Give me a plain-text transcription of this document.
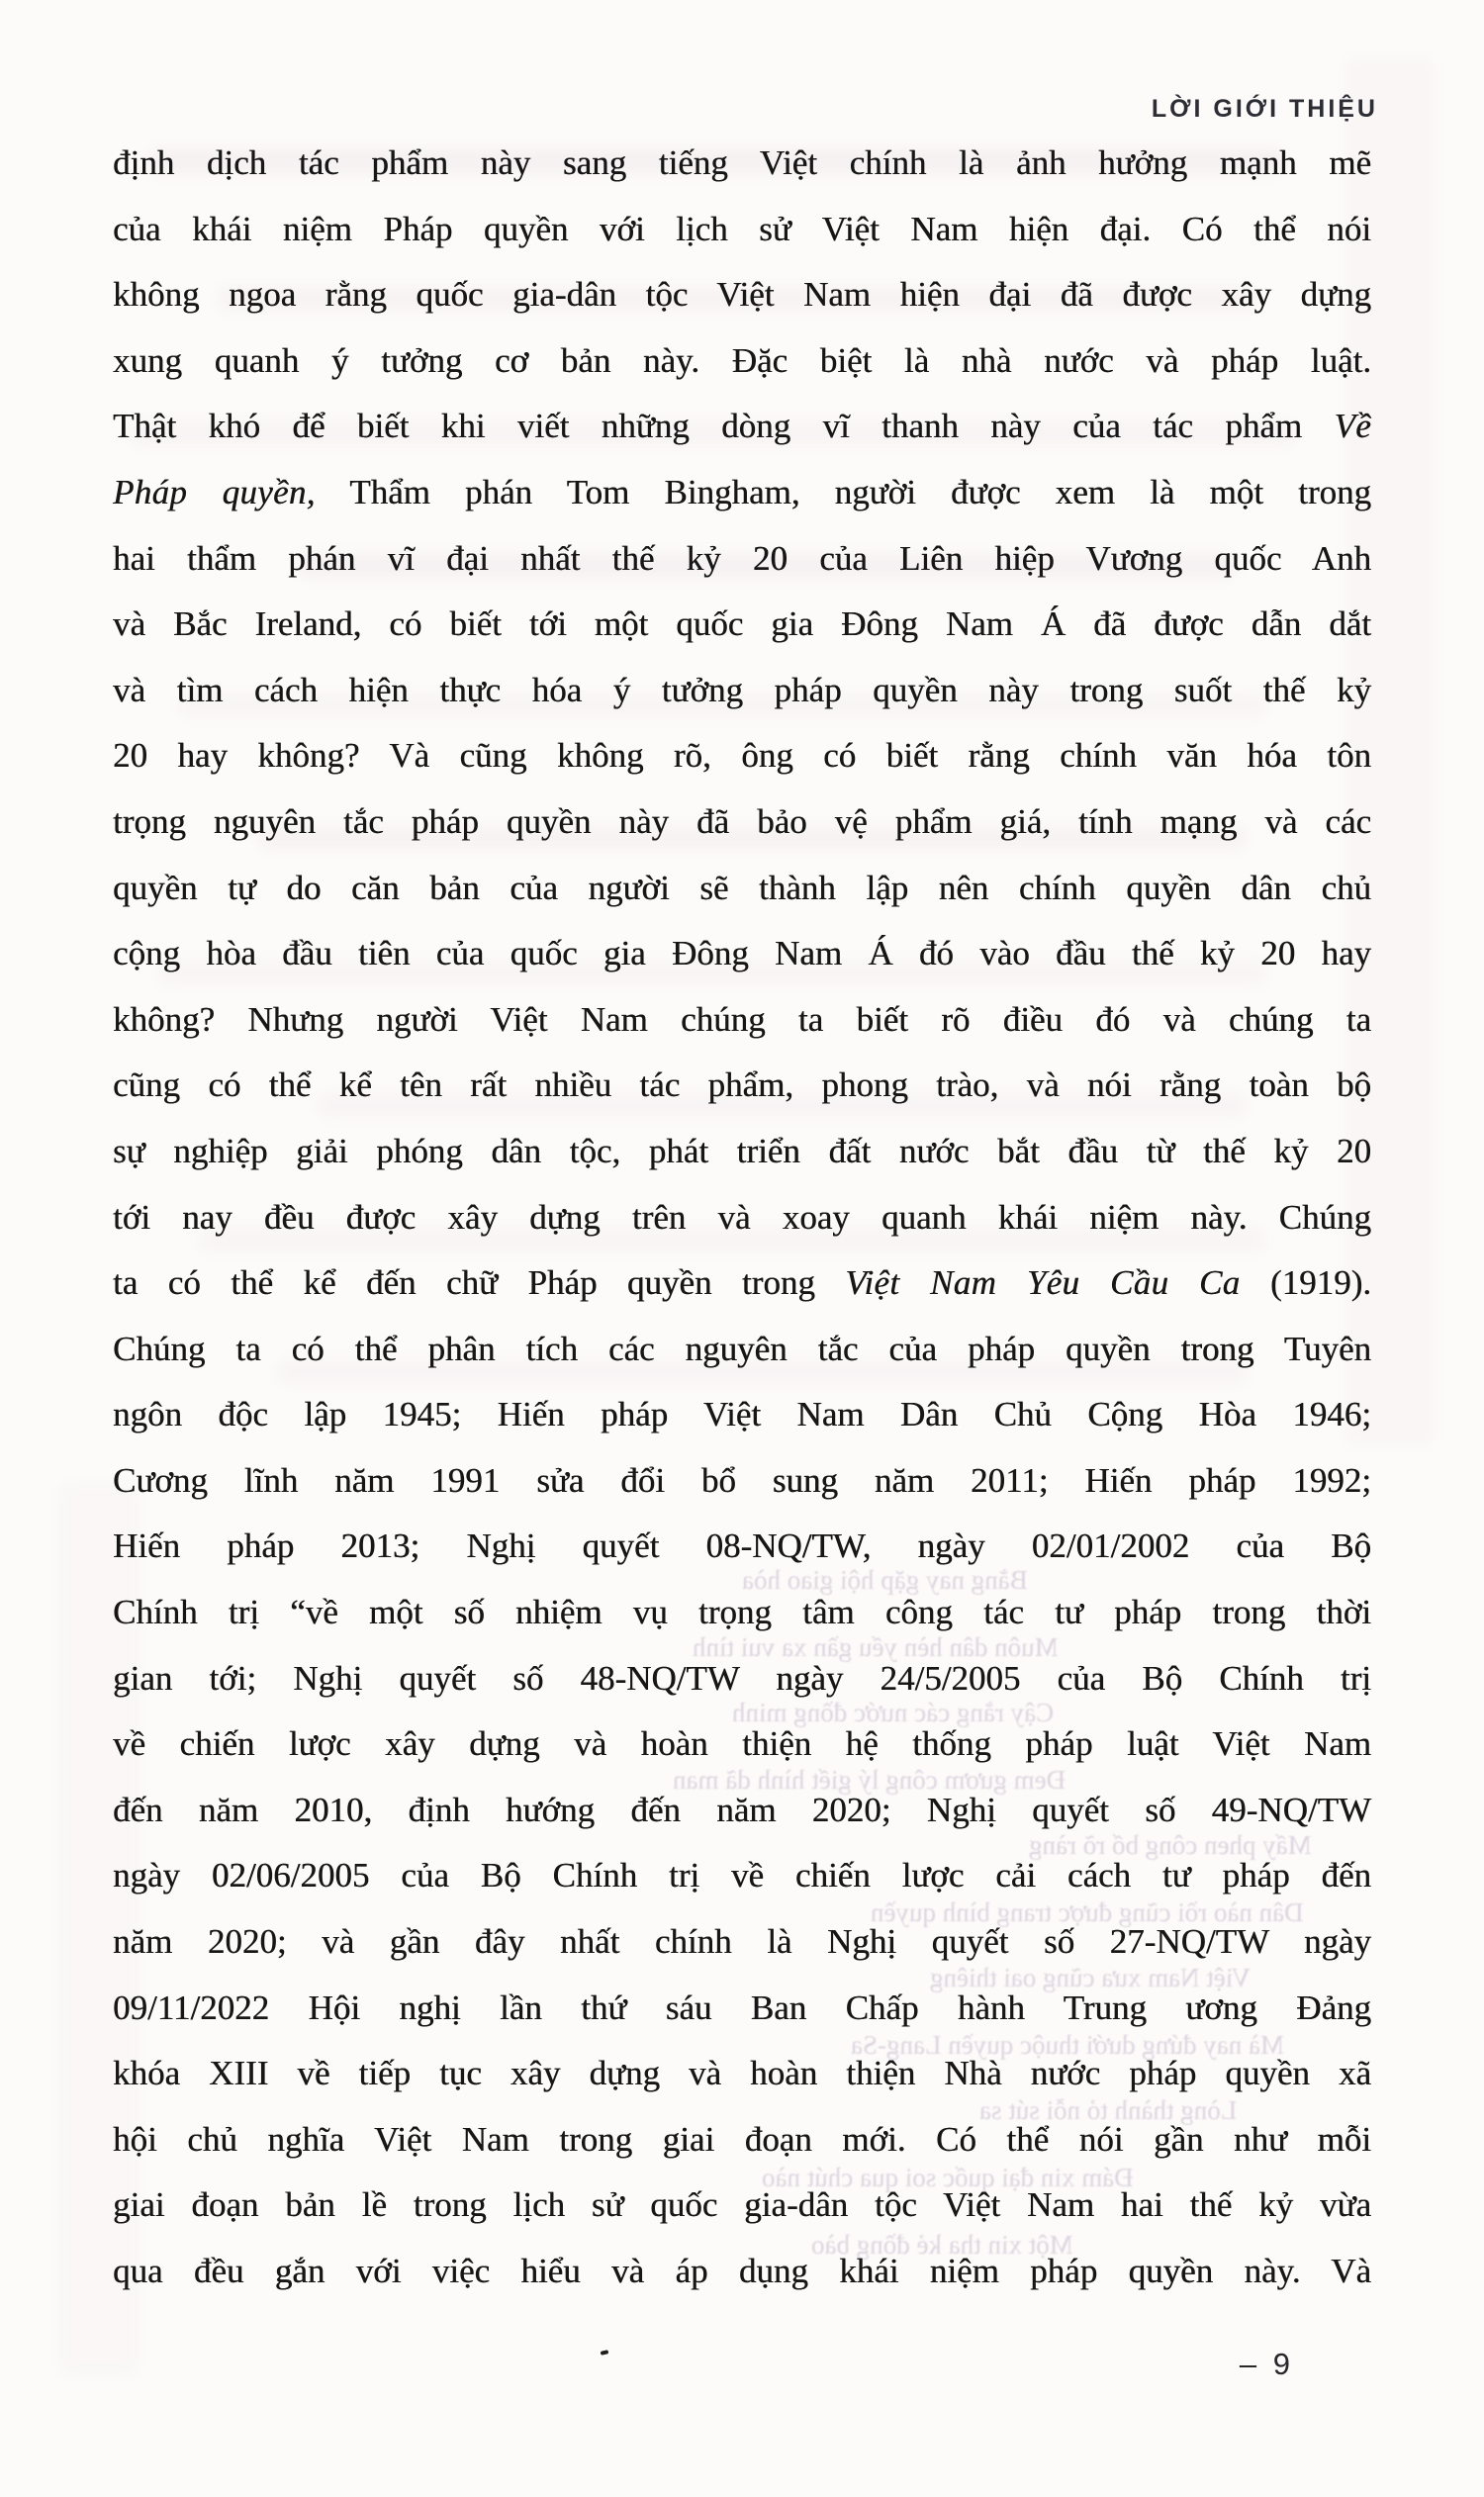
Bằng nay gặp hội giao hòa
Muôn dân hèn yếu gần xa vui tình
Cậy rằng các nước đồng minh
Đem gươm công lý giết hình dã man
Mấy phen công bố rõ ràng
Dân nào rồi cũng được trang bình quyền
Việt Nam xưa cũng oai thiêng
Mà nay đứng dưới thuộc quyền Lang-Sa
Lòng thành tỏ nỗi sút sa
Đám xin đại quốc soi qua chút nào
Một xin tha kẻ đồng bào
LỜI GIỚI THIỆU
định dịch tác phẩm này sang tiếng Việt chính là ảnh hưởng mạnh mẽ
của khái niệm Pháp quyền với lịch sử Việt Nam hiện đại. Có thể nói
không ngoa rằng quốc gia-dân tộc Việt Nam hiện đại đã được xây dựng
xung quanh ý tưởng cơ bản này. Đặc biệt là nhà nước và pháp luật.
Thật khó để biết khi viết những dòng vĩ thanh này của tác phẩm Về
Pháp quyền, Thẩm phán Tom Bingham, người được xem là một trong
hai thẩm phán vĩ đại nhất thế kỷ 20 của Liên hiệp Vương quốc Anh
và Bắc Ireland, có biết tới một quốc gia Đông Nam Á đã được dẫn dắt
và tìm cách hiện thực hóa ý tưởng pháp quyền này trong suốt thế kỷ
20 hay không? Và cũng không rõ, ông có biết rằng chính văn hóa tôn
trọng nguyên tắc pháp quyền này đã bảo vệ phẩm giá, tính mạng và các
quyền tự do căn bản của người sẽ thành lập nên chính quyền dân chủ
cộng hòa đầu tiên của quốc gia Đông Nam Á đó vào đầu thế kỷ 20 hay
không? Nhưng người Việt Nam chúng ta biết rõ điều đó và chúng ta
cũng có thể kể tên rất nhiều tác phẩm, phong trào, và nói rằng toàn bộ
sự nghiệp giải phóng dân tộc, phát triển đất nước bắt đầu từ thế kỷ 20
tới nay đều được xây dựng trên và xoay quanh khái niệm này. Chúng
ta có thể kể đến chữ Pháp quyền trong Việt Nam Yêu Cầu Ca (1919).
Chúng ta có thể phân tích các nguyên tắc của pháp quyền trong Tuyên
ngôn độc lập 1945; Hiến pháp Việt Nam Dân Chủ Cộng Hòa 1946;
Cương lĩnh năm 1991 sửa đổi bổ sung năm 2011; Hiến pháp 1992;
Hiến pháp 2013; Nghị quyết 08-NQ/TW, ngày 02/01/2002 của Bộ
Chính trị “về một số nhiệm vụ trọng tâm công tác tư pháp trong thời
gian tới; Nghị quyết số 48-NQ/TW ngày 24/5/2005 của Bộ Chính trị
về chiến lược xây dựng và hoàn thiện hệ thống pháp luật Việt Nam
đến năm 2010, định hướng đến năm 2020; Nghị quyết số 49-NQ/TW
ngày 02/06/2005 của Bộ Chính trị về chiến lược cải cách tư pháp đến
năm 2020; và gần đây nhất chính là Nghị quyết số 27-NQ/TW ngày
09/11/2022 Hội nghị lần thứ sáu Ban Chấp hành Trung ương Đảng
khóa XIII về tiếp tục xây dựng và hoàn thiện Nhà nước pháp quyền xã
hội chủ nghĩa Việt Nam trong giai đoạn mới. Có thể nói gần như mỗi
giai đoạn bản lề trong lịch sử quốc gia-dân tộc Việt Nam hai thế kỷ vừa
qua đều gắn với việc hiểu và áp dụng khái niệm pháp quyền này. Và
– 9
